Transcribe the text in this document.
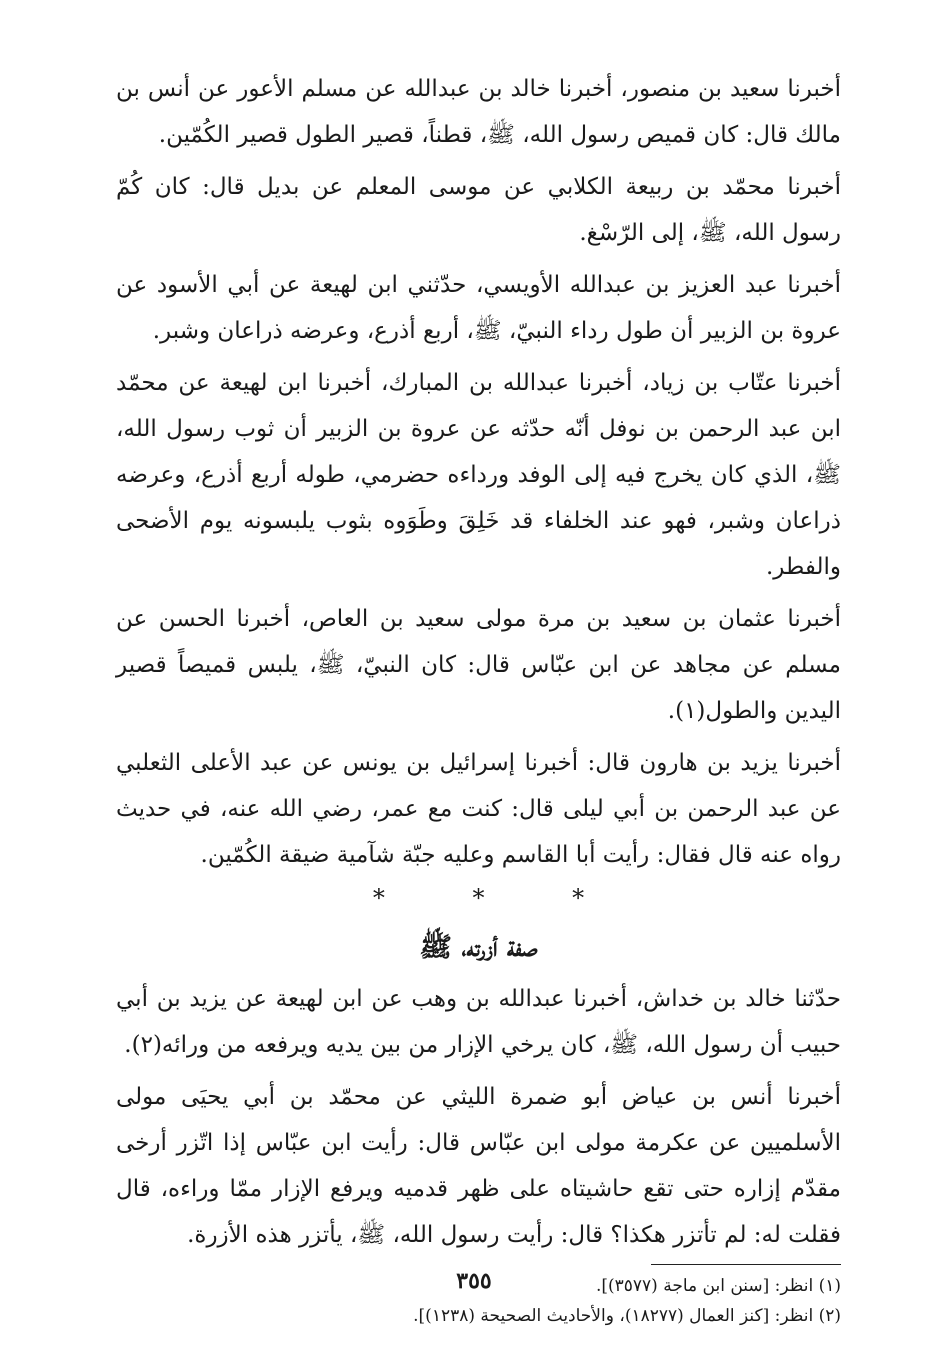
أخبرنا سعيد بن منصور، أخبرنا خالد بن عبدالله عن مسلم الأعور عن أنس بن مالك قال: كان قميص رسول الله، ﷺ، قطناً، قصير الطول قصير الكُمّين.

أخبرنا محمّد بن ربيعة الكلابي عن موسى المعلم عن بديل قال: كان كُمّ رسول الله، ﷺ، إلى الرّسْغ.

أخبرنا عبد العزيز بن عبدالله الأويسي، حدّثني ابن لهيعة عن أبي الأسود عن عروة بن الزبير أن طول رداء النبيّ، ﷺ، أربع أذرع، وعرضه ذراعان وشبر.

أخبرنا عتّاب بن زياد، أخبرنا عبدالله بن المبارك، أخبرنا ابن لهيعة عن محمّد ابن عبد الرحمن بن نوفل أنّه حدّثه عن عروة بن الزبير أن ثوب رسول الله، ﷺ، الذي كان يخرج فيه إلى الوفد ورداءه حضرمي، طوله أربع أذرع، وعرضه ذراعان وشبر، فهو عند الخلفاء قد خَلِقَ وطَوَوه بثوب يلبسونه يوم الأضحى والفطر.

أخبرنا عثمان بن سعيد بن مرة مولى سعيد بن العاص، أخبرنا الحسن عن مسلم عن مجاهد عن ابن عبّاس قال: كان النبيّ، ﷺ، يلبس قميصاً قصير اليدين والطول(١).

أخبرنا يزيد بن هارون قال: أخبرنا إسرائيل بن يونس عن عبد الأعلى الثعلبي عن عبد الرحمن بن أبي ليلى قال: كنت مع عمر، رضي الله عنه، في حديث رواه عنه قال فقال: رأيت أبا القاسم وعليه جبّة شآمية ضيقة الكُمّين.

* * *
صفة أزرته، ﷺ

حدّثنا خالد بن خداش، أخبرنا عبدالله بن وهب عن ابن لهيعة عن يزيد بن أبي حبيب أن رسول الله، ﷺ، كان يرخي الإزار من بين يديه ويرفعه من ورائه(٢).

أخبرنا أنس بن عياض أبو ضمرة الليثي عن محمّد بن أبي يحيَى مولى الأسلميين عن عكرمة مولى ابن عبّاس قال: رأيت ابن عبّاس إذا اتّزر أرخى مقدّم إزاره حتى تقع حاشيتاه على ظهر قدميه ويرفع الإزار ممّا وراءه، قال فقلت له: لم تأتزر هكذا؟ قال: رأيت رسول الله، ﷺ، يأتزر هذه الأزرة.

(١) انظر: [سنن ابن ماجة (٣٥٧٧)].

(٢) انظر: [كنز العمال (١٨٢٧٧)، والأحاديث الصحيحة (١٢٣٨)].

٣٥٥
